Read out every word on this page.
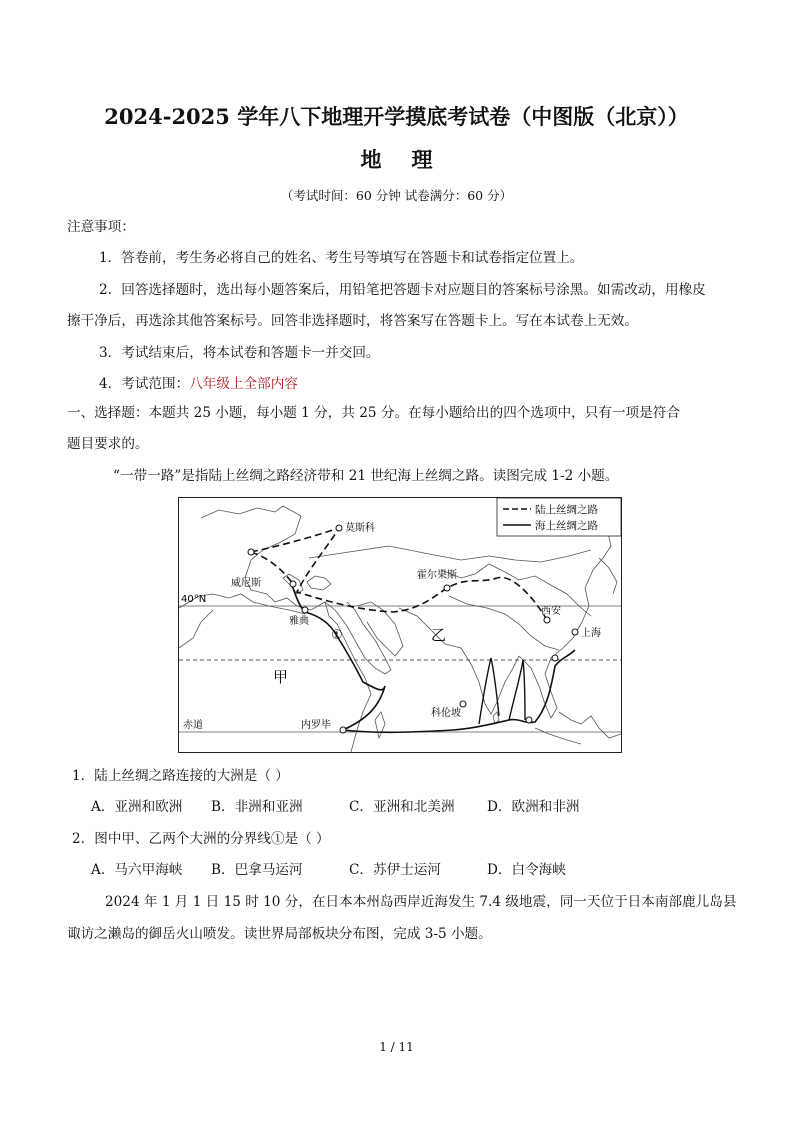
2024-2025 学年八下地理开学摸底考试卷（中图版（北京））
地理
（考试时间：60 分钟 试卷满分：60 分）
注意事项：
1．答卷前，考生务必将自己的姓名、考生号等填写在答题卡和试卷指定位置上。
2．回答选择题时，选出每小题答案后，用铅笔把答题卡对应题目的答案标号涂黑。如需改动，用橡皮
擦干净后，再选涂其他答案标号。回答非选择题时，将答案写在答题卡上。写在本试卷上无效。
3．考试结束后，将本试卷和答题卡一并交回。
4．考试范围：八年级上全部内容
一、选择题：本题共 25 小题，每小题 1 分，共 25 分。在每小题给出的四个选项中，只有一项是符合
题目要求的。
“一带一路”是指陆上丝绸之路经济带和 21 世纪海上丝绸之路。读图完成 1-2 小题。
陆上丝绸之路
海上丝绸之路
莫斯科
威尼斯
霍尔果斯
40°N
雅典
西安
上海
①	乙
甲
科伦坡
赤道	内罗毕
1．陆上丝绸之路连接的大洲是（ ）
A．亚洲和欧洲 B．非洲和亚洲	C．亚洲和北美洲 D．欧洲和非洲
2．图中甲、乙两个大洲的分界线①是（ ）
A．马六甲海峡 B．巴拿马运河	C．苏伊士运河	D．白令海峡
2024 年 1 月 1 日 15 时 10 分，在日本本州岛西岸近海发生 7.4 级地震，同一天位于日本南部鹿儿岛县
诹访之濑岛的御岳火山喷发。读世界局部板块分布图，完成 3-5 小题。
1 / 11
